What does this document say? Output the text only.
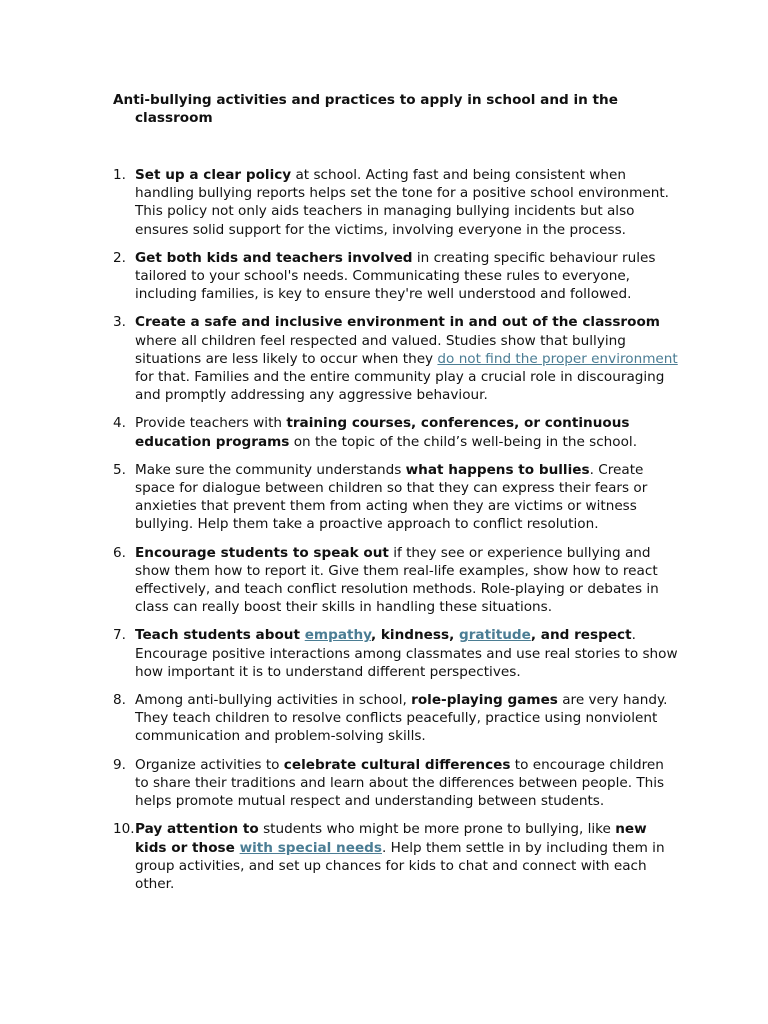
Anti-bullying activities and practices to apply in school and in the classroom

1. Set up a clear policy at school. Acting fast and being consistent when handling bullying reports helps set the tone for a positive school environment. This policy not only aids teachers in managing bullying incidents but also ensures solid support for the victims, involving everyone in the process.
2. Get both kids and teachers involved in creating specific behaviour rules tailored to your school's needs. Communicating these rules to everyone, including families, is key to ensure they're well understood and followed.
3. Create a safe and inclusive environment in and out of the classroom where all children feel respected and valued. Studies show that bullying situations are less likely to occur when they do not find the proper environment for that. Families and the entire community play a crucial role in discouraging and promptly addressing any aggressive behaviour.
4. Provide teachers with training courses, conferences, or continuous education programs on the topic of the child’s well-being in the school.
5. Make sure the community understands what happens to bullies. Create space for dialogue between children so that they can express their fears or anxieties that prevent them from acting when they are victims or witness bullying. Help them take a proactive approach to conflict resolution.
6. Encourage students to speak out if they see or experience bullying and show them how to report it. Give them real-life examples, show how to react effectively, and teach conflict resolution methods. Role-playing or debates in class can really boost their skills in handling these situations.
7. Teach students about empathy, kindness, gratitude, and respect. Encourage positive interactions among classmates and use real stories to show how important it is to understand different perspectives.
8. Among anti-bullying activities in school, role-playing games are very handy. They teach children to resolve conflicts peacefully, practice using nonviolent communication and problem-solving skills.
9. Organize activities to celebrate cultural differences to encourage children to share their traditions and learn about the differences between people. This helps promote mutual respect and understanding between students.
10. Pay attention to students who might be more prone to bullying, like new kids or those with special needs. Help them settle in by including them in group activities, and set up chances for kids to chat and connect with each other.
